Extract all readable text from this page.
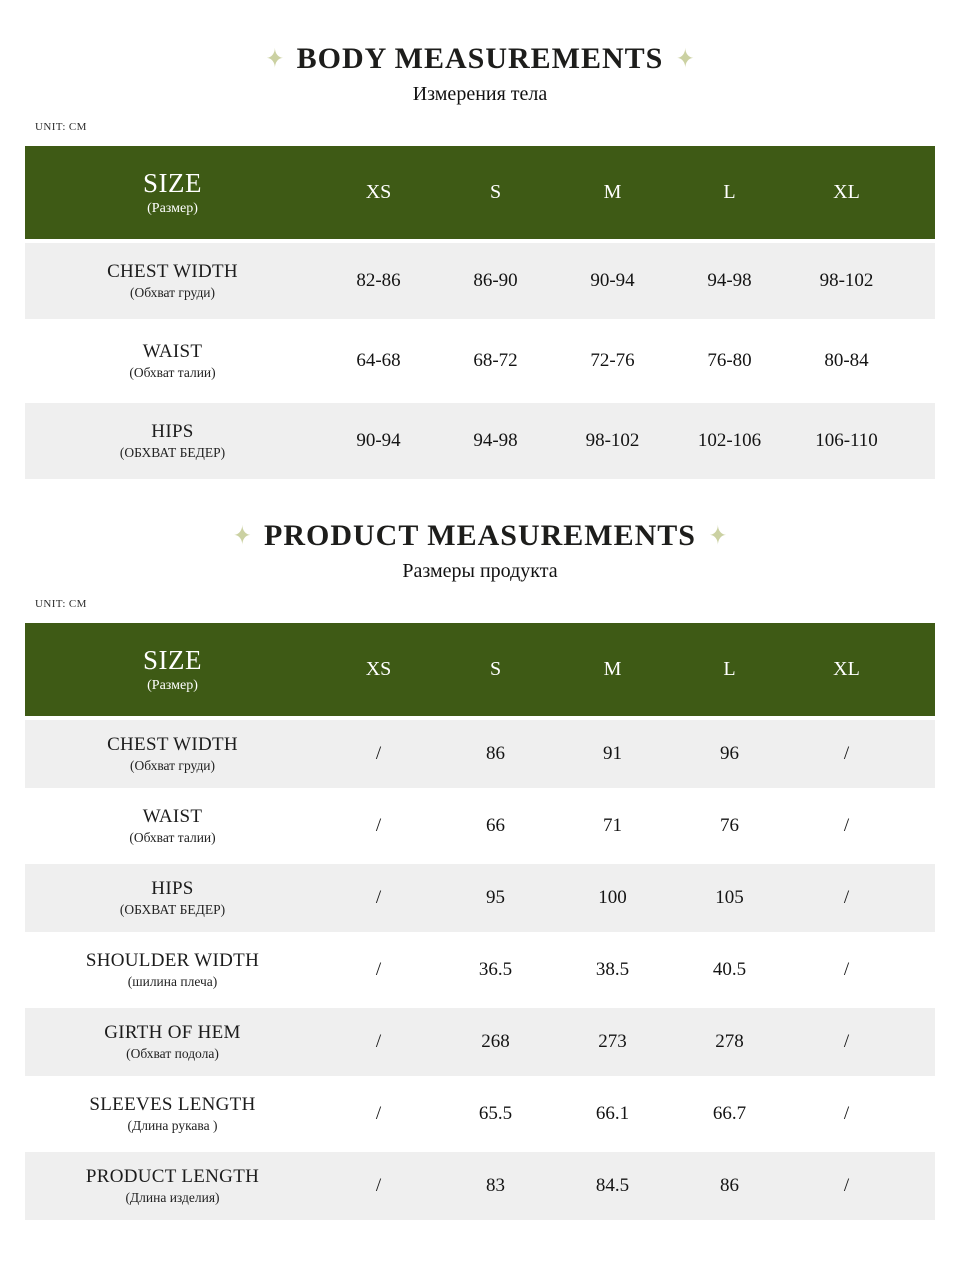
✦ BODY MEASUREMENTS ✦
Измерения тела
UNIT: CM
SIZE
(Размер)
XS	S	M	L	XL
CHEST WIDTH
(Обхват груди)
82-86	86-90	90-94	94-98	98-102
WAIST
(Обхват талии)
64-68	68-72	72-76	76-80	80-84
HIPS
(ОБХВАТ БЕДЕР)
90-94	94-98	98-102	102-106	106-110
✦ PRODUCT MEASUREMENTS ✦
Размеры продукта
UNIT: CM
SIZE
(Размер)
XS	S	M	L	XL
CHEST WIDTH
(Обхват груди)
/	86	91	96	/
WAIST
(Обхват талии)
/	66	71	76	/
HIPS
(ОБХВАТ БЕДЕР)
/	95	100	105	/
SHOULDER WIDTH
(шилина плеча)
/	36.5	38.5	40.5	/
GIRTH OF HEM
(Обхват подола)
/	268	273	278	/
SLEEVES LENGTH
(Длина рукава )
/	65.5	66.1	66.7	/
PRODUCT LENGTH
(Длина изделия)
/	83	84.5	86	/
